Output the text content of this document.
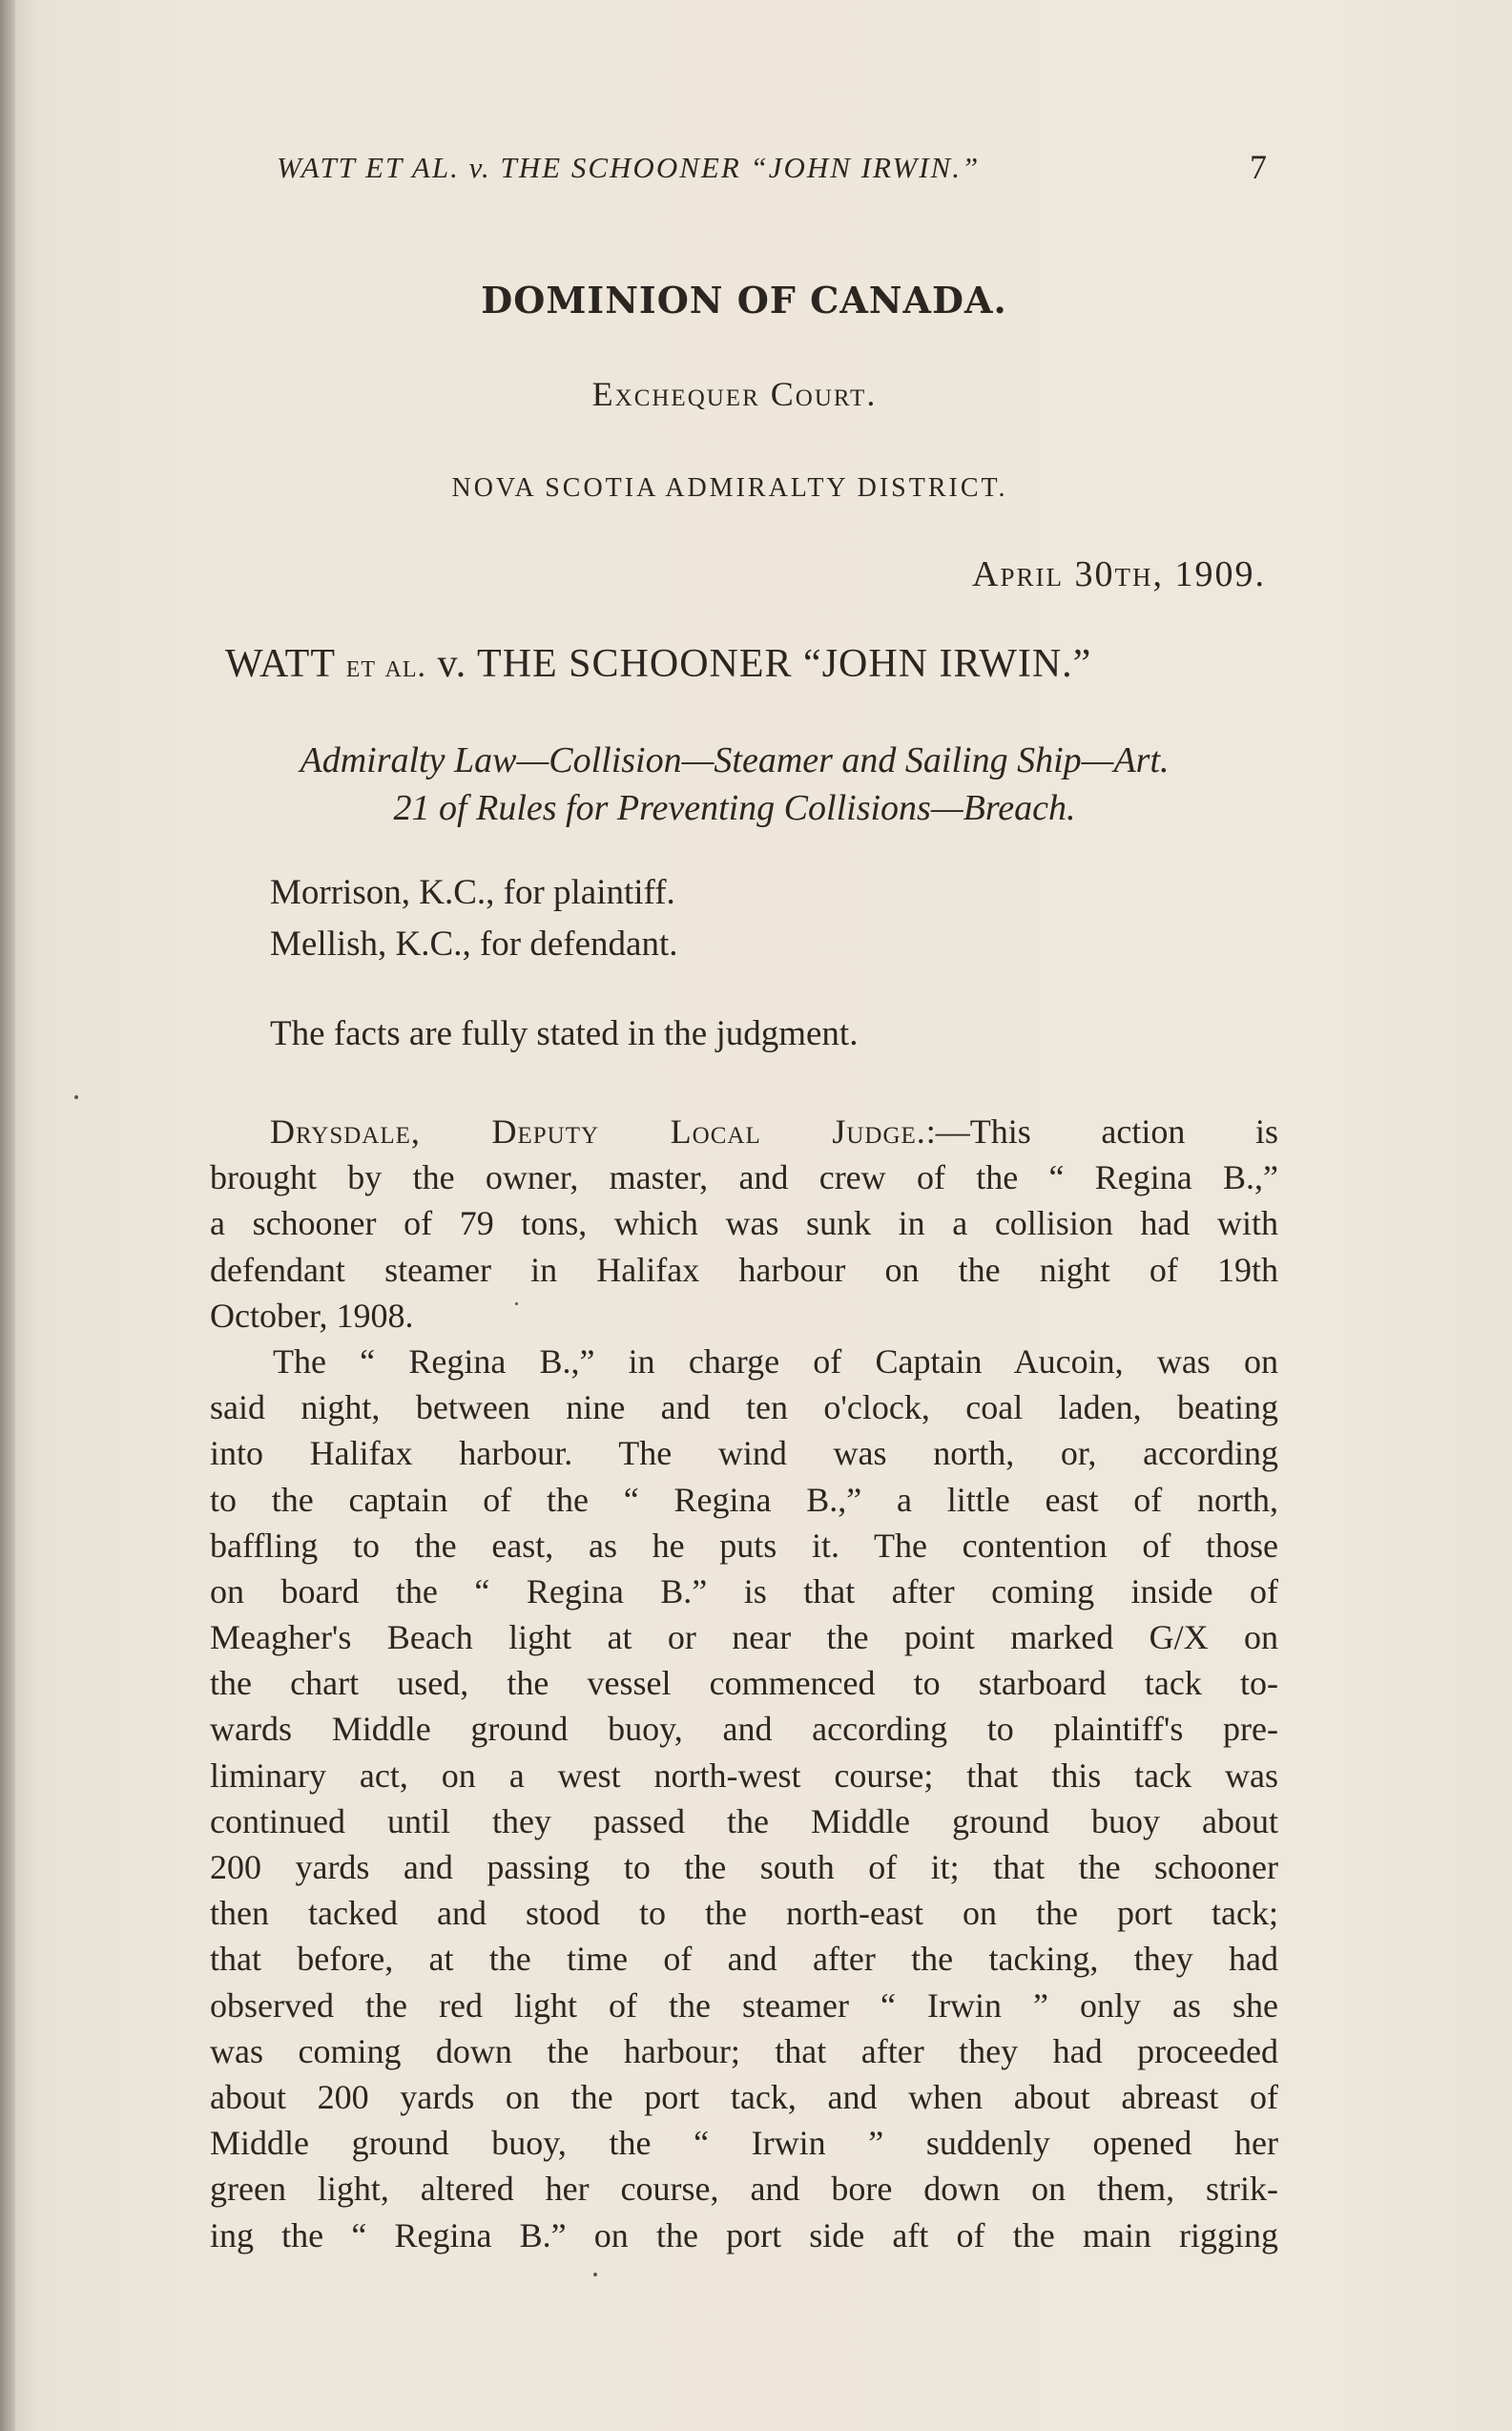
WATT ET AL. v. THE SCHOONER “JOHN IRWIN.”	7
DOMINION OF CANADA.
Exchequer Court.
NOVA SCOTIA ADMIRALTY DISTRICT.
April 30th, 1909.
WATT et al. v. THE SCHOONER “JOHN IRWIN.”
Admiralty Law—Collision—Steamer and Sailing Ship—Art.
21 of Rules for Preventing Collisions—Breach.
Morrison, K.C., for plaintiff.
Mellish, K.C., for defendant.
The facts are fully stated in the judgment.
Drysdale, Deputy Local Judge.:—This action is
brought by the owner, master, and crew of the “ Regina B.,”
a schooner of 79 tons, which was sunk in a collision had with
defendant steamer in Halifax harbour on the night of 19th
October, 1908.
The “ Regina B.,” in charge of Captain Aucoin, was on
said night, between nine and ten o'clock, coal laden, beating
into Halifax harbour. The wind was north, or, according
to the captain of the “ Regina B.,” a little east of north,
baffling to the east, as he puts it. The contention of those
on board the “ Regina B.” is that after coming inside of
Meagher's Beach light at or near the point marked G/X on
the chart used, the vessel commenced to starboard tack to-
wards Middle ground buoy, and according to plaintiff's pre-
liminary act, on a west north-west course; that this tack was
continued until they passed the Middle ground buoy about
200 yards and passing to the south of it; that the schooner
then tacked and stood to the north-east on the port tack;
that before, at the time of and after the tacking, they had
observed the red light of the steamer “ Irwin ” only as she
was coming down the harbour; that after they had proceeded
about 200 yards on the port tack, and when about abreast of
Middle ground buoy, the “ Irwin ” suddenly opened her
green light, altered her course, and bore down on them, strik-
ing the “ Regina B.” on the port side aft of the main rigging
